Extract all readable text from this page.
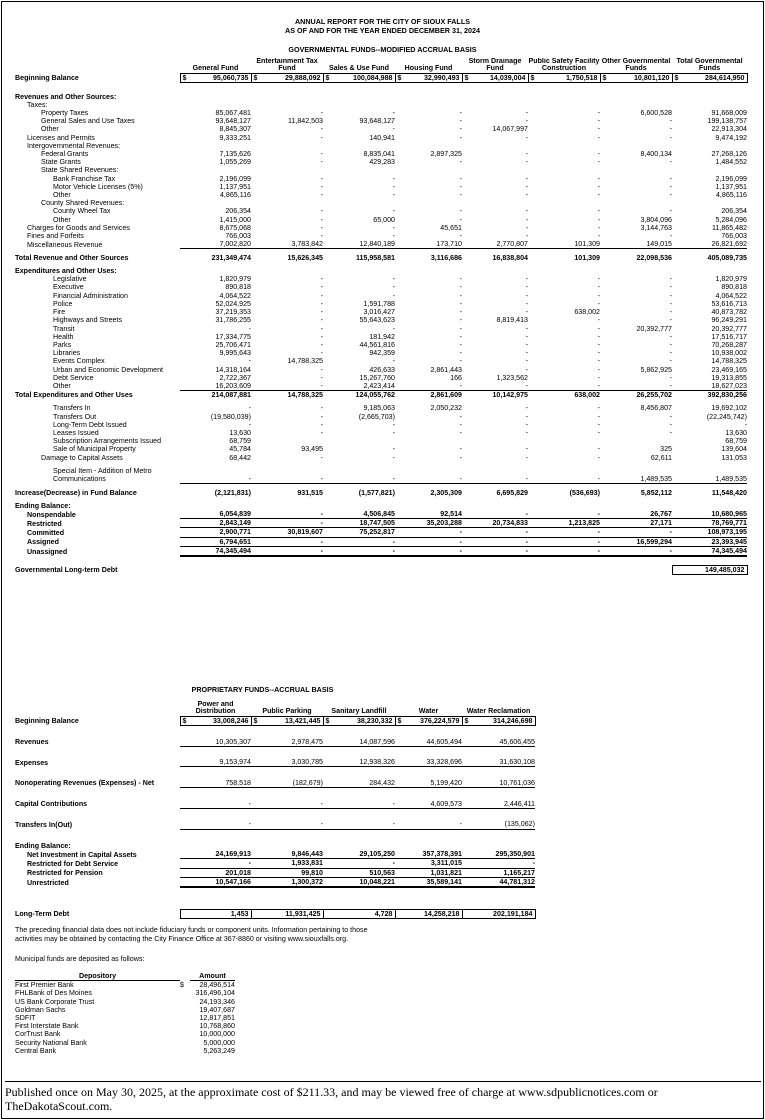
ANNUAL REPORT FOR THE CITY OF SIOUX FALLS
AS OF AND FOR THE YEAR ENDED DECEMBER 31, 2024
GOVERNMENTAL FUNDS--MODIFIED ACCRUAL BASIS
	General Fund	Entertainment Tax Fund	Sales & Use Fund	Housing Fund	Storm Drainage Fund	Public Safety Facility Construction	Other Governmental Funds	Total Governmental Funds
Beginning Balance	$ 95,060,735	$ 29,888,092	$ 100,084,988	$ 32,990,493	$ 14,039,004	$ 1,750,518	$ 10,801,120	$ 284,614,950

Revenues and Other Sources:								
Taxes:								
Property Taxes	85,067,481	-	-	-	-	-	6,600,528	91,668,009
General Sales and Use Taxes	93,648,127	11,842,503	93,648,127	-	-	-	-	199,138,757
Other	8,845,307	-	-	-	14,067,997	-	-	22,913,304
Licenses and Permits	9,333,251	-	140,941	-	-	-	-	9,474,192
Intergovernmental Revenues:								
Federal Grants	7,135,626	-	8,835,041	2,897,325	-	-	8,400,134	27,268,126
State Grants	1,055,269	-	429,283	-	-	-	-	1,484,552
State Shared Revenues:								
Bank Franchise Tax	2,196,099	-	-	-	-	-	-	2,196,099
Motor Vehicle Licenses (5%)	1,137,951	-	-	-	-	-	-	1,137,951
Other	4,865,116	-	-	-	-	-	-	4,865,116
County Shared Revenues:								
County Wheel Tax	206,354	-	-	-	-	-	-	206,354
Other	1,415,000	-	65,000	-	-	-	3,804,096	5,284,096
Charges for Goods and Services	8,675,068	-	-	45,651	-	-	3,144,763	11,865,482
Fines and Forfeits	766,003	-	-	-	-	-	-	766,003
Miscellaneous Revenue	7,002,820	3,783,842	12,840,189	173,710	2,770,807	101,309	149,015	26,821,692

Total Revenue and Other Sources	231,349,474	15,626,345	115,958,581	3,116,686	16,838,804	101,309	22,098,536	405,089,735

Expenditures and Other Uses:								
Legislative	1,820,979	-	-	-	-	-	-	1,820,979
Executive	890,818	-	-	-	-	-	-	890,818
Financial Administration	4,064,522	-	-	-	-	-	-	4,064,522
Police	52,024,925	-	1,591,788	-	-	-	-	53,616,713
Fire	37,219,353	-	3,016,427	-	-	638,002	-	40,873,782
Highways and Streets	31,786,255	-	55,643,623	-	8,819,413	-	-	96,249,291
Transit	-	-	-	-	-	-	20,392,777	20,392,777
Health	17,334,775	-	181,942	-	-	-	-	17,516,717
Parks	25,706,471	-	44,561,816	-	-	-	-	70,268,287
Libraries	9,995,643	-	942,359	-	-	-	-	10,938,002
Events Complex	-	14,788,325	-	-	-	-	-	14,788,325
Urban and Economic Development	14,318,164	-	426,633	2,861,443	-	-	5,862,925	23,469,165
Debt Service	2,722,367	-	15,267,760	166	1,323,562	-	-	19,313,855
Other	16,203,609	-	2,423,414	-	-	-	-	18,627,023
Total Expenditures and Other Uses	214,087,881	14,788,325	124,055,762	2,861,609	10,142,975	638,002	26,255,702	392,830,256

Transfers In	-	-	9,185,063	2,050,232	-	-	8,456,807	19,692,102
Transfers Out	(19,580,039)	-	(2,665,703)	-	-	-	-	(22,245,742)
Long-Term Debt Issued	-	-	-	-	-	-	-	-
Leases Issued	13,630	-	-	-	-	-	-	13,630
Subscription Arrangements Issued	68,759							68,759
Sale of Municipal Property	45,784	93,495	-	-	-	-	325	139,604
Damage to Capital Assets	68,442	-	-	-	-	-	62,611	131,053

Special Item - Addition of Metro								
Communications	-	-	-	-	-	-	1,489,535	1,489,535

Increase(Decrease) in Fund Balance	(2,121,831)	931,515	(1,577,821)	2,305,309	6,695,829	(536,693)	5,852,112	11,548,420

Ending Balance:								
Nonspendable	6,054,839	-	4,506,845	92,514	-	-	26,767	10,680,965
Restricted	2,843,149	-	18,747,505	35,203,288	20,734,833	1,213,825	27,171	78,769,771
Committed	2,900,771	30,819,607	75,252,817	-	-	-	-	108,973,195
Assigned	6,794,651	-	-	-	-	-	16,599,294	23,393,945
Unassigned	74,345,494	-	-	-	-	-	-	74,345,494

Governmental Long-term Debt								149,485,032
PROPRIETARY FUNDS--ACCRUAL BASIS
	Power and Distribution	Public Parking	Sanitary Landfill	Water	Water Reclamation
Beginning Balance	$ 33,008,246	$ 13,421,445	$ 38,230,332	$ 376,224,579	$ 314,246,698

Revenues	10,305,307	2,978,475	14,087,596	44,605,494	45,606,455

Expenses	9,153,974	3,030,785	12,938,326	33,328,696	31,630,108

Nonoperating Revenues (Expenses) - Net	758,518	(182,679)	284,432	5,199,420	10,761,036

Capital Contributions	-	-	-	4,609,573	2,446,411

Transfers In(Out)	-	-	-	-	(135,062)

Ending Balance:					
Net Investment in Capital Assets	24,169,913	9,846,443	29,105,250	357,378,391	295,350,901
Restricted for Debt Service	-	1,933,831	-	3,311,015	-
Restricted for Pension	201,018	99,810	510,563	1,031,821	1,165,217
Unrestricted	10,547,166	1,300,372	10,048,221	35,589,141	44,781,312

Long-Term Debt	1,453	11,931,425	4,728	14,258,218	202,191,184
The preceding financial data does not include fiduciary funds or component units. Information pertaining to those
activities may be obtained by contacting the City Finance Office at 367-8860 or visiting www.siouxfalls.org.
Municipal funds are deposited as follows:
Depository		Amount
First Premier Bank	$	28,496,514
FHLBank of Des Moines		316,496,104
US Bank Corporate Trust		24,193,346
Goldman Sachs		19,407,687
SDFIT		12,817,851
First Interstate Bank		10,768,860
CorTrust Bank		10,000,000
Security National Bank		5,000,000
Central Bank		5,263,249
Published once on May 30, 2025, at the approximate cost of $211.33, and may be viewed free of charge at www.sdpublicnotices.com or TheDakotaScout.com.
